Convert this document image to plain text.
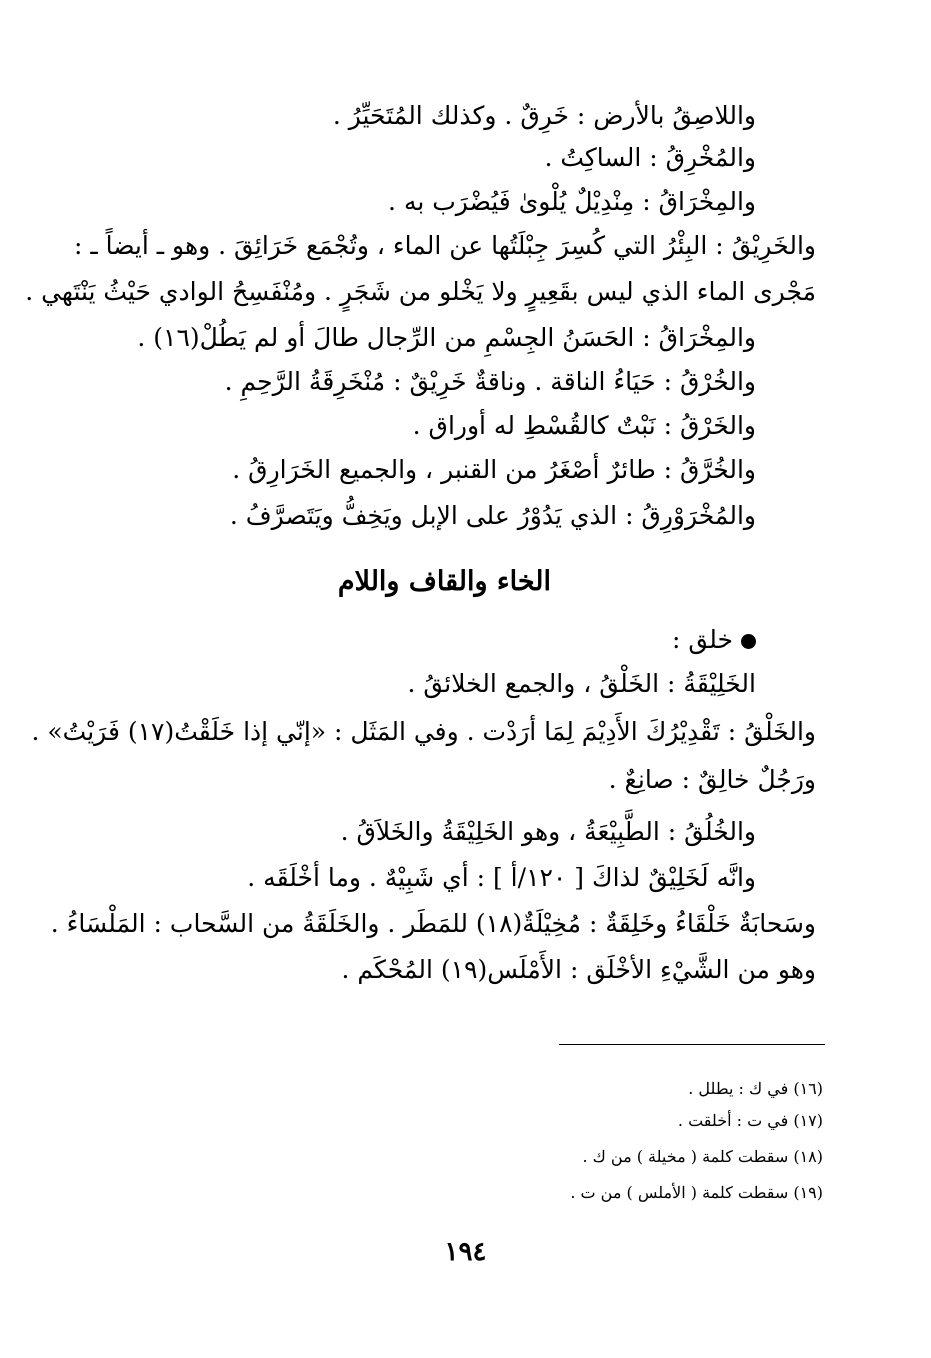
واللاصِقُ بالأرض : خَرِقٌ . وكذلك المُتَحَيِّرُ .
والمُخْرِقُ : الساكِتُ .
والمِخْرَاقُ : مِنْدِيْلٌ يُلْوىٰ فَيُضْرَب به .
والخَرِيْقُ : البِئْرُ التي كُسِرَ جِبْلَتُها عن الماء ، وتُجْمَع خَرَائِقَ . وهو ـ أيضاً ـ :
مَجْرى الماء الذي ليس بقَعِيرٍ ولا يَخْلو من شَجَرٍ . ومُنْفَسِحُ الوادي حَيْثُ يَنْتَهي .
والمِخْرَاقُ : الحَسَنُ الجِسْمِ من الرِّجال طالَ أو لم يَطُلْ(١٦) .
والخُرْقُ : حَيَاءُ الناقة . وناقةٌ خَرِيْقٌ : مُنْخَرِقَةُ الرَّحِمِ .
والخَرْقُ : نَبْتٌ كالقُسْطِ له أوراق .
والخُرَّقُ : طائرٌ أصْغَرُ من القنبر ، والجميع الخَرَارِقُ .
والمُخْرَوْرِقُ : الذي يَدُوْرُ على الإبل ويَخِفُّ ويَتَصرَّفُ .
الخاء والقاف واللام
خلق :
الخَلِيْقَةُ : الخَلْقُ ، والجمع الخلائقُ .
والخَلْقُ : تَقْدِيْرُكَ الأَدِيْمَ لِمَا أرَدْت . وفي المَثَل : «إنّي إذا خَلَقْتُ(١٧) فَرَيْتُ» .
ورَجُلٌ خالِقٌ : صانِعٌ .
والخُلُقُ : الطَّبِيْعَةُ ، وهو الخَلِيْقَةُ والخَلاَقُ .
وانَّه لَخَلِيْقٌ لذاكَ [ ١٢٠/أ ] : أي شَبِيْهٌ . وما أخْلَقَه .
وسَحابَةٌ خَلْقَاءُ وخَلِقَةٌ : مُخِيْلَةٌ(١٨) للمَطَر . والخَلَقَةُ من السَّحاب : المَلْسَاءُ .
وهو من الشَّيْءِ الأخْلَق : الأَمْلَس(١٩) المُحْكَم .
(١٦) في ك : يطلل .
(١٧) في ت : أخلقت .
(١٨) سقطت كلمة ( مخيلة ) من ك .
(١٩) سقطت كلمة ( الأملس ) من ت .
١٩٤
